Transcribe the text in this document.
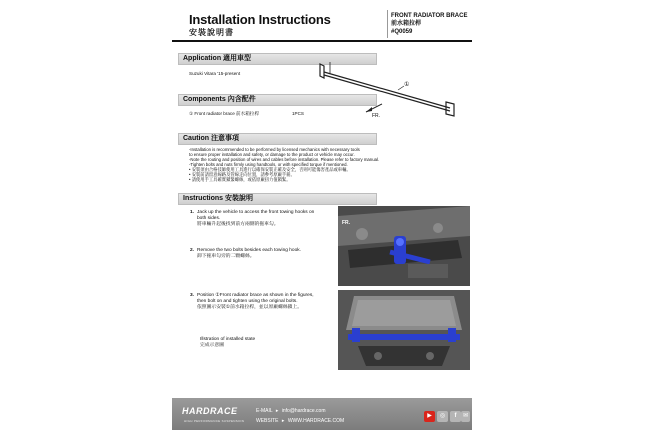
Installation Instructions
安裝說明書
FRONT RADIATOR BRACE
前水箱拉桿
#Q0059
Application 適用車型
Suzuki Vitara '15-present
①
FR.
Components 內含配件
① Front radiator brace 前水箱拉桿	1PCS
Caution 注意事項
-Installation is recommended to be performed by licensed mechanics with necessary tools
to ensure proper installation and safety, or damage to the product or vehicle may occur.
-Note the routing and position of wires and cables before installation. Please refer to factory manual.
-Tighten bolts and nuts firmly using handtools, or with specified torque if mentioned.
• 安裝須由合格技師使用工具進行以確保安裝正確及安全，否則可能傷害產品或車輛。
• 安裝前請留意線路及管線走向位置，請參考原廠手冊。
• 請使用手工具確實鎖緊螺絲，或依原廠扭力值鎖緊。
Instructions 安裝說明
1. Jack up the vehicle to access the front towing hooks on
both sides.
將車輛升起後找到前方兩側的拖車勾。
2. Remove the two bolts besides each towing hook.
卸下拖車勾旁的二顆螺絲。
3. Position ①Front radiator brace as shown in the figures,
then bolt on and tighten using the original bolts.
依照圖示安裝①前水箱拉桿，並以原廠螺絲鎖上。
Illstration of installed state
完成示意圖
FR.
HARDRACE
HIGH PERFORMANCE SUSPENSION
E-MAIL ▸ info@hardrace.com
WEBSITE ▸ WWW.HARDRACE.COM
▶	◎	f	✉
